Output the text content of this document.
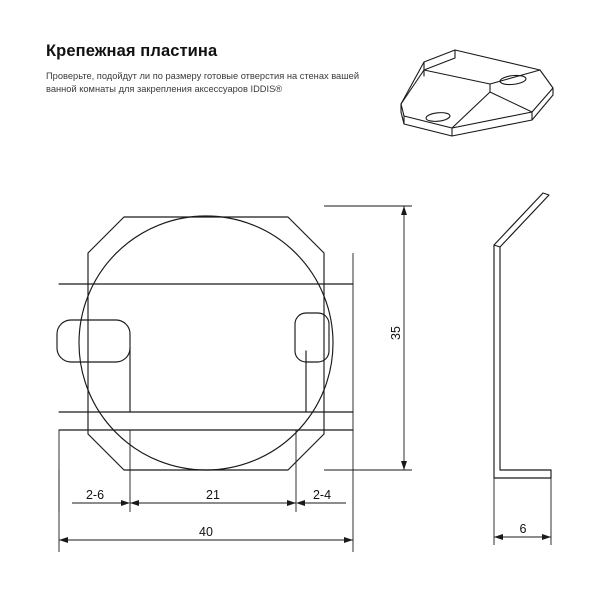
Крепежная пластина
Проверьте, подойдут ли по размеру готовые отверстия на стенах вашей ванной комнаты для закрепления аксессуаров IDDIS®
2-6	21	2-4
40
35
6
